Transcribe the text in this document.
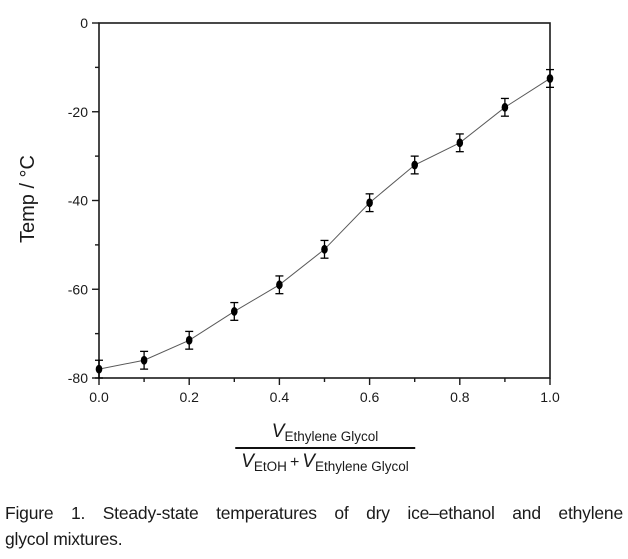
0.0	0.2	0.4	0.6	0.8	1.0
0
-20
-40
-60
-80
Temp / °C
$V_{Ethylene Glycol}$
$V_{EtOH} + V_{Ethylene Glycol}$
Figure 1. Steady-state temperatures of dry ice–ethanol and ethylene
glycol mixtures.
